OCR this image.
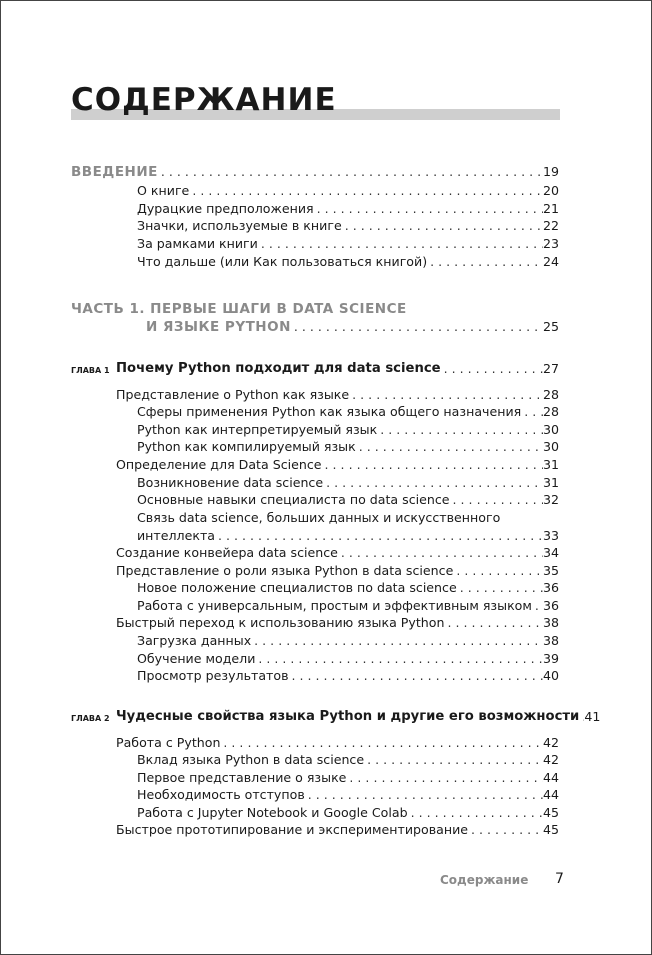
СОДЕРЖАНИЕ
ВВЕДЕНИЕ . . .	19
О книге . . .	20
Дурацкие предположения . . .	21
Значки, используемые в книге . . .	22
За рамками книги . . .	23
Что дальше (или Как пользоваться книгой) . . .	24
ЧАСТЬ 1. ПЕРВЫЕ ШАГИ В DATA SCIENCE
И ЯЗЫКЕ PYTHON . . .	25
ГЛАВА 1 Почему Python подходит для data science . . .	27
Представление о Python как языке . . .	28
Сферы применения Python как языка общего назначения . . . 28
Python как интерпретируемый язык . . .	30
Python как компилируемый язык . . .	30
Определение для Data Science . . .	31
Возникновение data science . . .	31
Основные навыки специалиста по data science . . .	32
Связь data science, больших данных и искусственного
интеллекта . . .	33
Создание конвейера data science . . .	34
Представление о роли языка Python в data science . . .	35
Новое положение специалистов по data science . . .	36
Работа с универсальным, простым и эффективным языком . . . 36
Быстрый переход к использованию языка Python . . .	38
Загрузка данных . . .	38
Обучение модели . . .	39
Просмотр результатов . . .	40
ГЛАВА 2 Чудесные свойства языка Python и другие его возможности . . . 41
Работа с Python . . .	42
Вклад языка Python в data science . . .	42
Первое представление о языке . . .	44
Необходимость отступов . . .	44
Работа с Jupyter Notebook и Google Colab . . .	45
Быстрое прототипирование и экспериментирование . . .	45
Содержание 7
